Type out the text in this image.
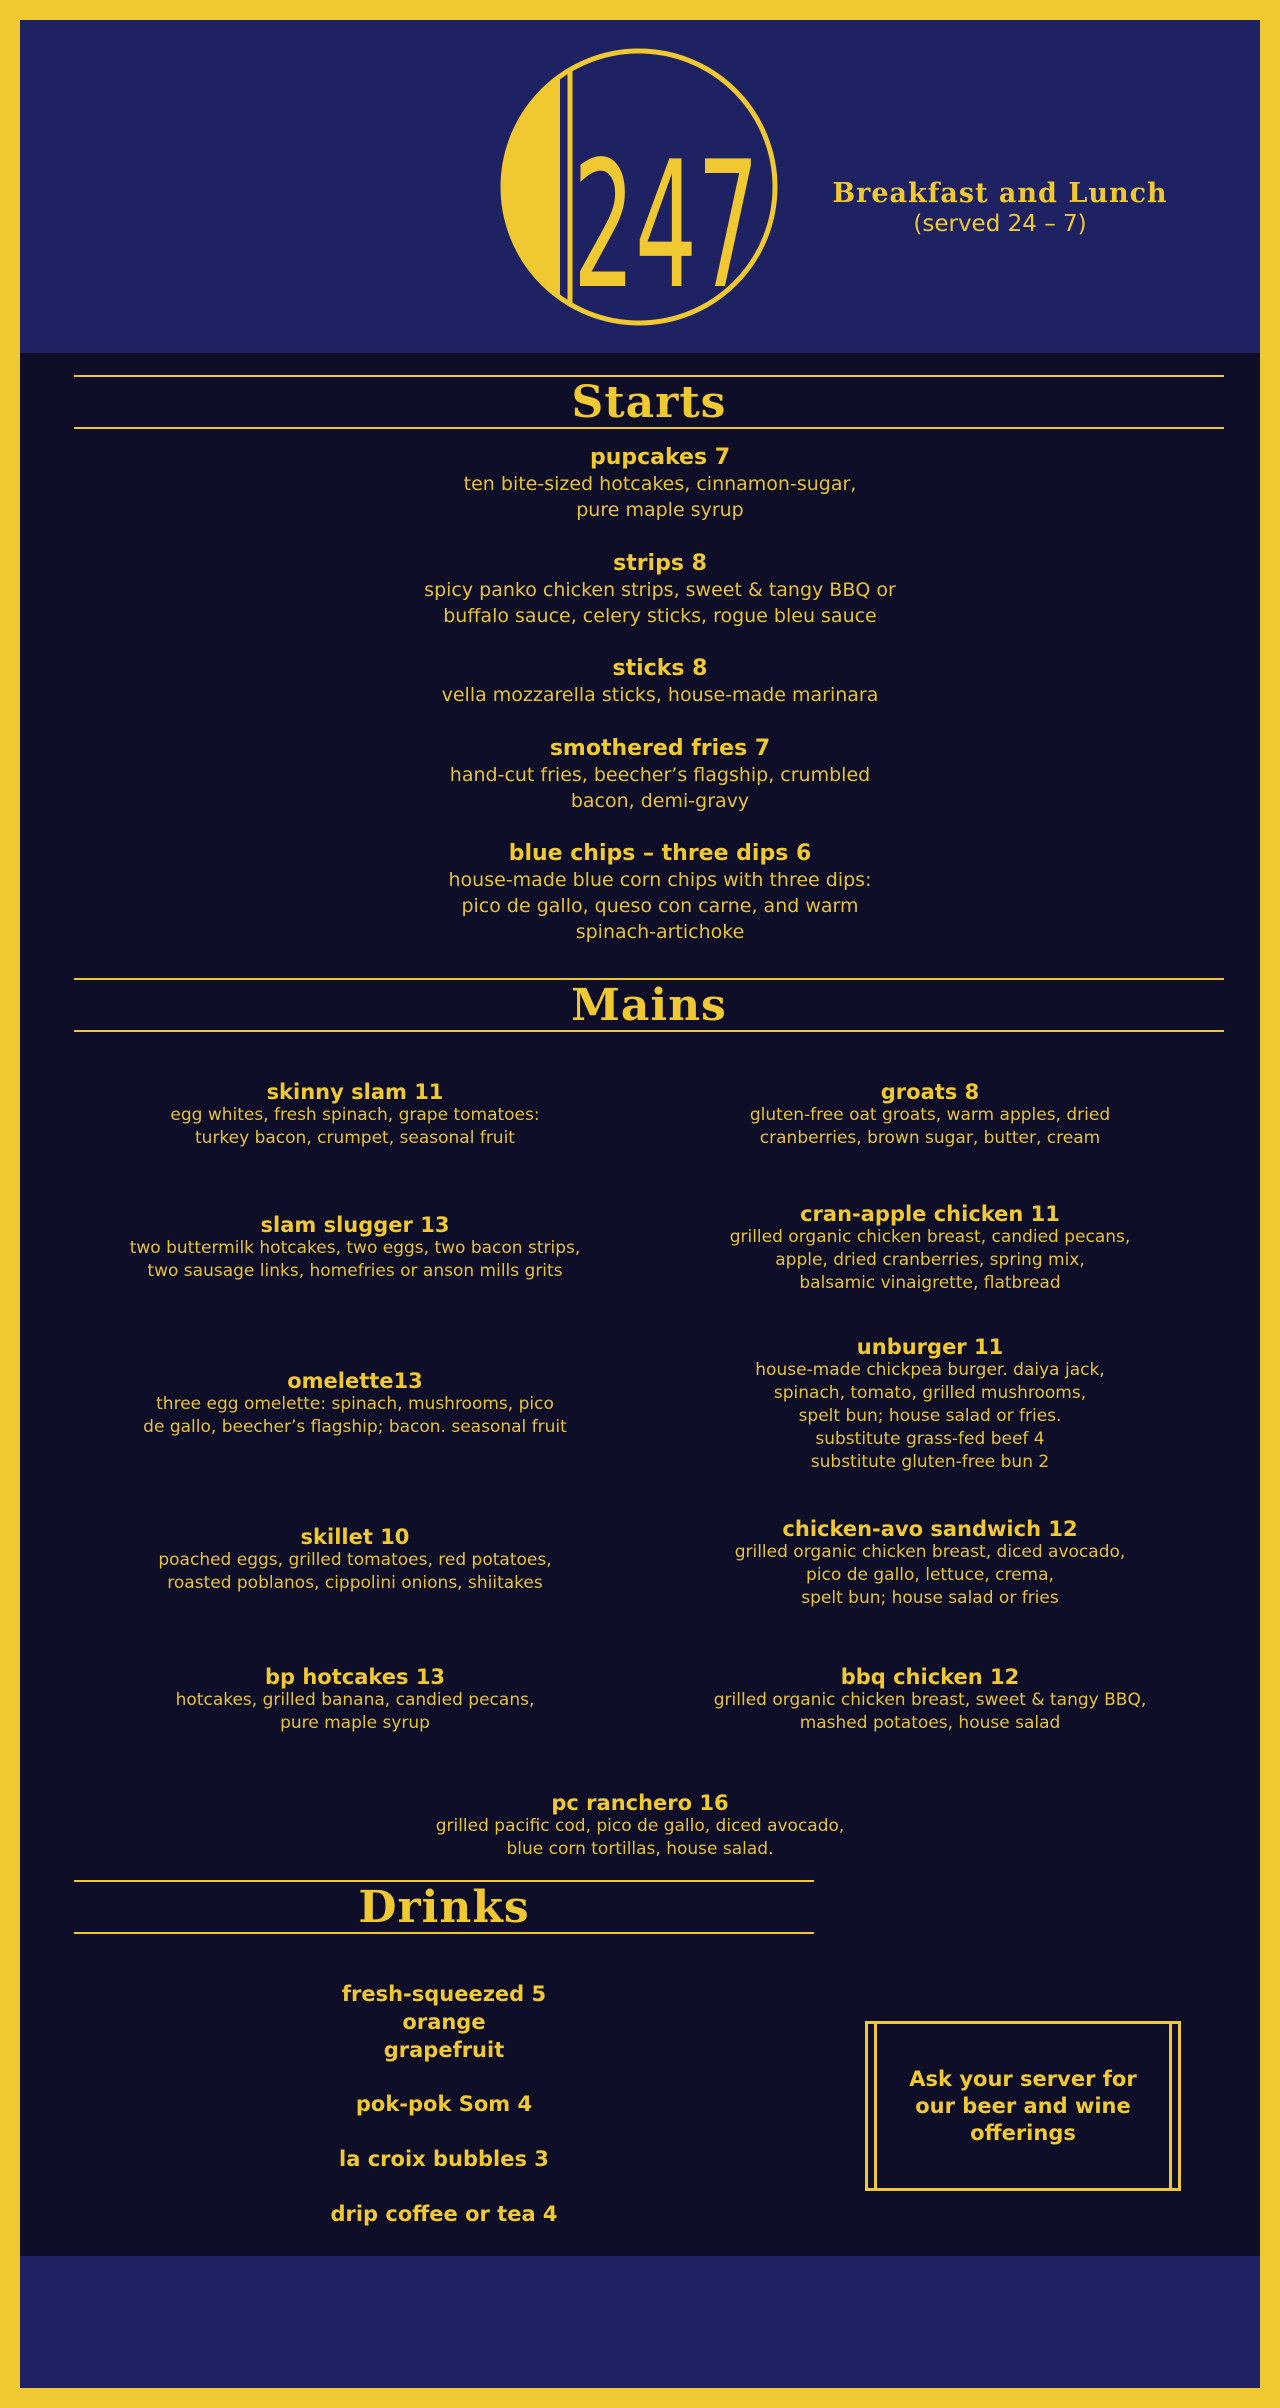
247	Breakfast and Lunch
(served 24 – 7)
Starts
pupcakes 7
ten bite-sized hotcakes, cinnamon-sugar,
pure maple syrup
strips 8
spicy panko chicken strips, sweet & tangy BBQ or
buffalo sauce, celery sticks, rogue bleu sauce
sticks 8
vella mozzarella sticks, house-made marinara
smothered fries 7
hand-cut fries, beecher’s flagship, crumbled
bacon, demi-gravy
blue chips – three dips 6
house-made blue corn chips with three dips:
pico de gallo, queso con carne, and warm
spinach-artichoke
Mains
skinny slam 11
egg whites, fresh spinach, grape tomatoes:
turkey bacon, crumpet, seasonal fruit
slam slugger 13
two buttermilk hotcakes, two eggs, two bacon strips,
two sausage links, homefries or anson mills grits
omelette13
three egg omelette: spinach, mushrooms, pico
de gallo, beecher’s flagship; bacon. seasonal fruit
skillet 10
poached eggs, grilled tomatoes, red potatoes,
roasted poblanos, cippolini onions, shiitakes
bp hotcakes 13
hotcakes, grilled banana, candied pecans,
pure maple syrup
groats 8
gluten-free oat groats, warm apples, dried
cranberries, brown sugar, butter, cream
cran-apple chicken 11
grilled organic chicken breast, candied pecans,
apple, dried cranberries, spring mix,
balsamic vinaigrette, flatbread
unburger 11
house-made chickpea burger. daiya jack,
spinach, tomato, grilled mushrooms,
spelt bun; house salad or fries.
substitute grass-fed beef 4
substitute gluten-free bun 2
chicken-avo sandwich 12
grilled organic chicken breast, diced avocado,
pico de gallo, lettuce, crema,
spelt bun; house salad or fries
bbq chicken 12
grilled organic chicken breast, sweet & tangy BBQ,
mashed potatoes, house salad
pc ranchero 16
grilled pacific cod, pico de gallo, diced avocado,
blue corn tortillas, house salad.
Drinks
fresh-squeezed 5
orange
grapefruit
pok-pok Som 4
la croix bubbles 3
drip coffee or tea 4
Ask your server for our beer and wine offerings
